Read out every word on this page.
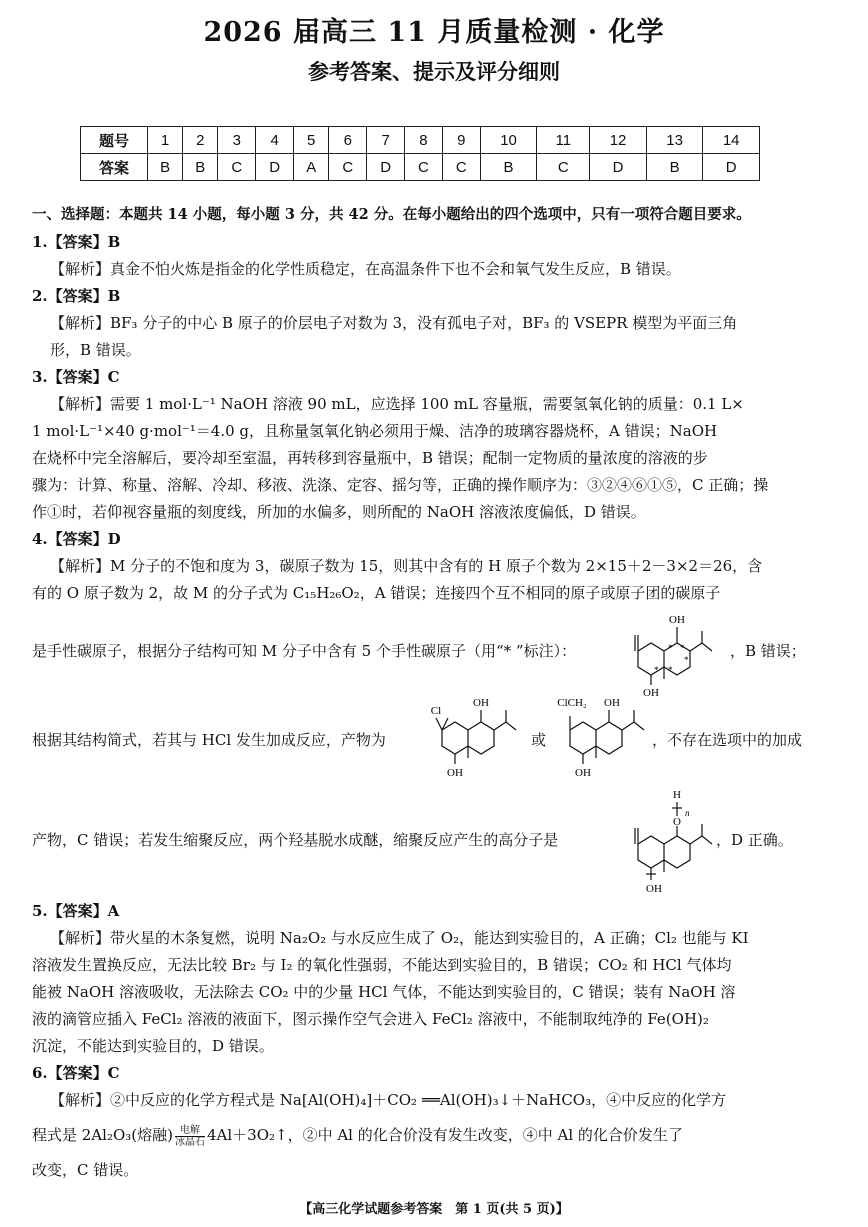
2026 届高三 11 月质量检测 · 化学
参考答案、提示及评分细则
题号	1	2	3	4	5	6	7	8	9	10	11	12	13	14
答案	B	B	C	D	A	C	D	C	C	B	C	D	B	D
一、选择题：本题共 14 小题，每小题 3 分，共 42 分。在每小题给出的四个选项中，只有一项符合题目要求。
1.【答案】B
【解析】真金不怕火炼是指金的化学性质稳定，在高温条件下也不会和氧气发生反应，B 错误。
2.【答案】B
【解析】BF₃ 分子的中心 B 原子的价层电子对数为 3，没有孤电子对，BF₃ 的 VSEPR 模型为平面三角
形，B 错误。
3.【答案】C
【解析】需要 1 mol·L⁻¹ NaOH 溶液 90 mL，应选择 100 mL 容量瓶，需要氢氧化钠的质量：0.1 L×
1 mol·L⁻¹×40 g·mol⁻¹＝4.0 g，且称量氢氧化钠必须用于燥、洁净的玻璃容器烧杯，A 错误；NaOH
在烧杯中完全溶解后，要冷却至室温，再转移到容量瓶中，B 错误；配制一定物质的量浓度的溶液的步
骤为：计算、称量、溶解、冷却、移液、洗涤、定容、摇匀等，正确的操作顺序为：③②④⑥①⑤，C 正确；操
作①时，若仰视容量瓶的刻度线，所加的水偏多，则所配的 NaOH 溶液浓度偏低，D 错误。
4.【答案】D
【解析】M 分子的不饱和度为 3，碳原子数为 15，则其中含有的 H 原子个数为 2×15＋2－3×2＝26，含
有的 O 原子数为 2，故 M 的分子式为 C₁₅H₂₆O₂，A 错误；连接四个互不相同的原子或原子团的碳原子
是手性碳原子，根据分子结构可知 M 分子中含有 5 个手性碳原子（用“* ”标注）：	，B 错误；
OH
OH
* *
*
* *
根据其结构简式，若其与 HCl 发生加成反应，产物为
Cl
OH
OH
或
ClCH₂ OH
OH
，不存在选项中的加成
产物，C 错误；若发生缩聚反应，两个羟基脱水成醚，缩聚反应产生的高分子是
H
n
O
OH
，D 正确。
5.【答案】A
【解析】带火星的木条复燃，说明 Na₂O₂ 与水反应生成了 O₂，能达到实验目的，A 正确；Cl₂ 也能与 KI
溶液发生置换反应，无法比较 Br₂ 与 I₂ 的氧化性强弱，不能达到实验目的，B 错误；CO₂ 和 HCl 气体均
能被 NaOH 溶液吸收，无法除去 CO₂ 中的少量 HCl 气体，不能达到实验目的，C 错误；装有 NaOH 溶
液的滴管应插入 FeCl₂ 溶液的液面下，图示操作空气会进入 FeCl₂ 溶液中，不能制取纯净的 Fe(OH)₂
沉淀，不能达到实验目的，D 错误。
6.【答案】C
【解析】②中反应的化学方程式是 Na[Al(OH)₄]＋CO₂ ══Al(OH)₃↓＋NaHCO₃，④中反应的化学方
程式是 2Al₂O₃(熔融) $\frac{\text{电解}}{\text{冰晶石}}$ 4Al＋3O₂↑，②中 Al 的化合价没有发生改变，④中 Al 的化合价发生了
改变，C 错误。
【高三化学试题参考答案　第 1 页(共 5 页)】
